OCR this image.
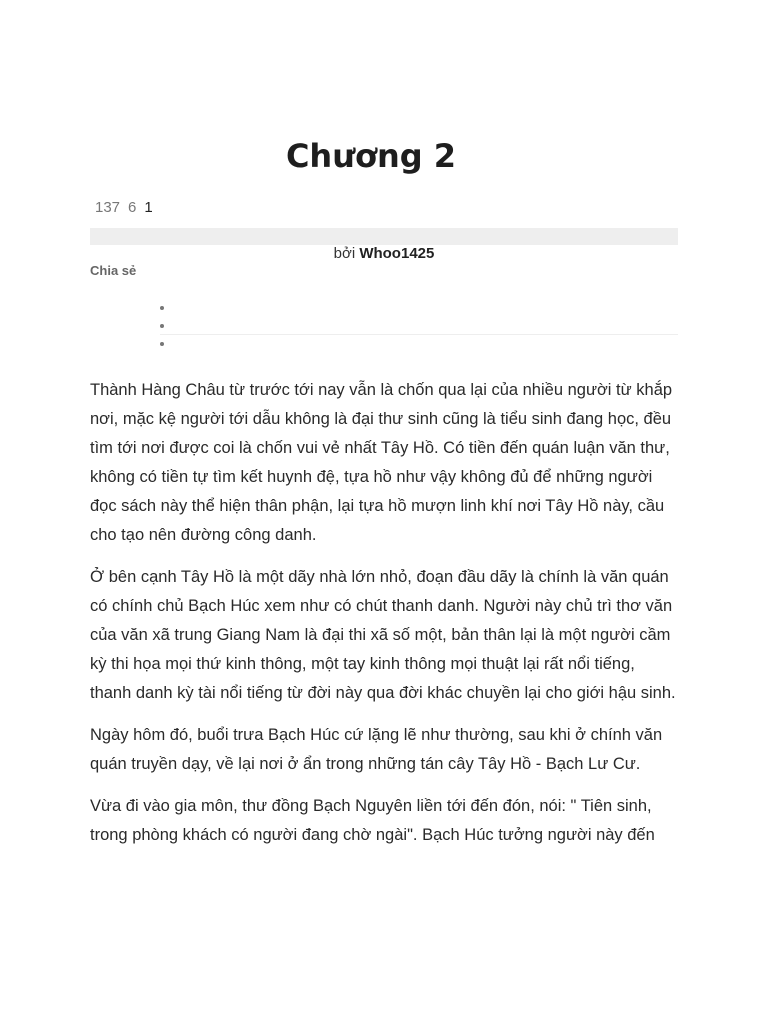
Chương 2
137 6 1
bởi Whoo1425
Chia sẻ

Thành Hàng Châu từ trước tới nay vẫn là chốn qua lại của nhiều người từ khắp nơi, mặc kệ người tới dẫu không là đại thư sinh cũng là tiểu sinh đang học, đều tìm tới nơi được coi là chốn vui vẻ nhất Tây Hồ. Có tiền đến quán luận văn thư, không có tiền tự tìm kết huynh đệ, tựa hồ như vậy không đủ để những người đọc sách này thể hiện thân phận, lại tựa hồ mượn linh khí nơi Tây Hồ này, cầu cho tạo nên đường công danh.

Ở bên cạnh Tây Hồ là một dãy nhà lớn nhỏ, đoạn đầu dãy là chính là văn quán có chính chủ Bạch Húc xem như có chút thanh danh. Người này chủ trì thơ văn của văn xã trung Giang Nam là đại thi xã số một, bản thân lại là một người cầm kỳ thi họa mọi thứ kinh thông, một tay kinh thông mọi thuật lại rất nổi tiếng, thanh danh kỳ tài nổi tiếng từ đời này qua đời khác chuyền lại cho giới hậu sinh.

Ngày hôm đó, buổi trưa Bạch Húc cứ lặng lẽ như thường, sau khi ở chính văn quán truyền dạy, về lại nơi ở ẩn trong những tán cây Tây Hồ - Bạch Lư Cư.

Vừa đi vào gia môn, thư đồng Bạch Nguyên liền tới đến đón, nói: " Tiên sinh, trong phòng khách có người đang chờ ngài". Bạch Húc tưởng người này đến
